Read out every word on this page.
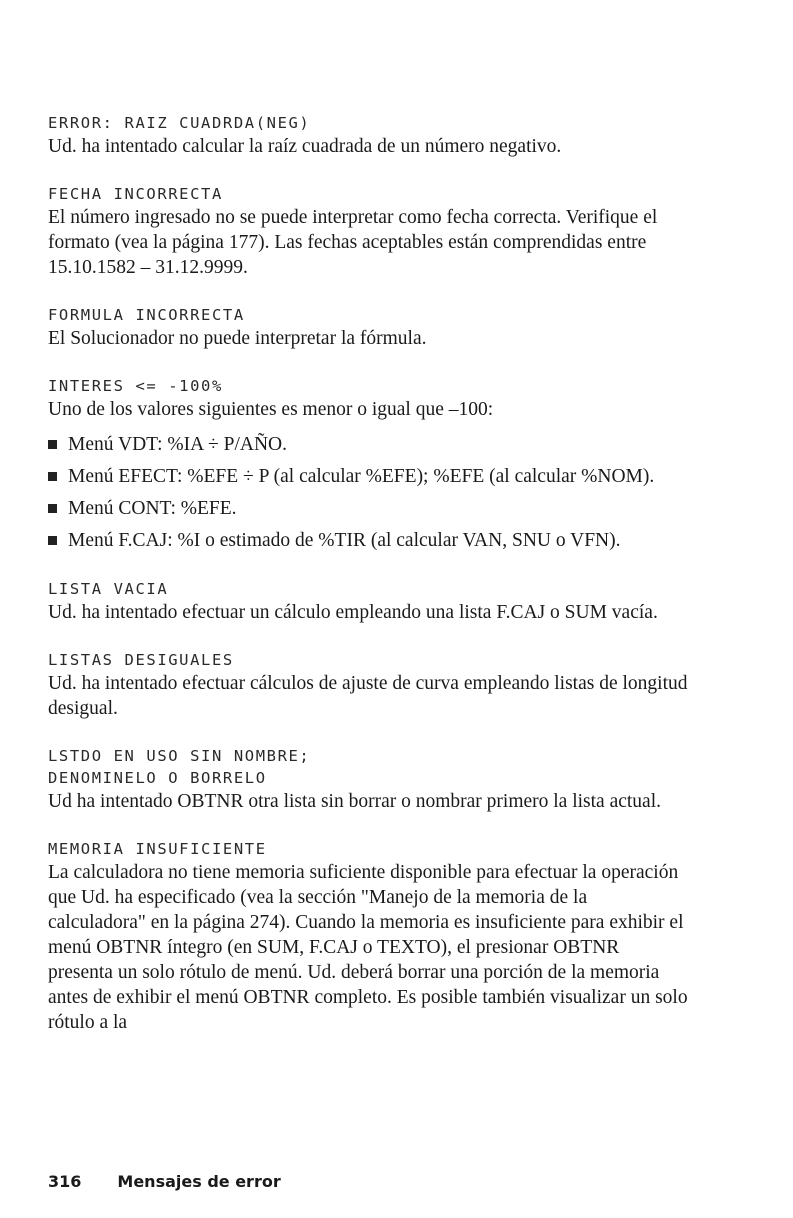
ERROR: RAIZ CUADRDA(NEG)

Ud. ha intentado calcular la raíz cuadrada de un número negativo.

FECHA INCORRECTA

El número ingresado no se puede interpretar como fecha correcta. Verifique el formato (vea la página 177). Las fechas aceptables están comprendidas entre 15.10.1582 – 31.12.9999.

FORMULA INCORRECTA

El Solucionador no puede interpretar la fórmula.

INTERES <= -100%

Uno de los valores siguientes es menor o igual que –100:

Menú VDT: %IA ÷ P/AÑO.
Menú EFECT: %EFE ÷ P (al calcular %EFE); %EFE (al calcular %NOM).
Menú CONT: %EFE.
Menú F.CAJ: %I o estimado de %TIR (al calcular VAN, SNU o VFN).

LISTA VACIA

Ud. ha intentado efectuar un cálculo empleando una lista F.CAJ o SUM vacía.

LISTAS DESIGUALES

Ud. ha intentado efectuar cálculos de ajuste de curva empleando listas de longitud desigual.

LSTDO EN USO SIN NOMBRE;
DENOMINELO O BORRELO

Ud ha intentado OBTNR otra lista sin borrar o nombrar primero la lista actual.

MEMORIA INSUFICIENTE

La calculadora no tiene memoria suficiente disponible para efectuar la operación que Ud. ha especificado (vea la sección "Manejo de la memoria de la calculadora" en la página 274). Cuando la memoria es insuficiente para exhibir el menú OBTNR íntegro (en SUM, F.CAJ o TEXTO), el presionar OBTNR presenta un solo rótulo de menú. Ud. deberá borrar una porción de la memoria antes de exhibir el menú OBTNR completo. Es posible también visualizar un solo rótulo a la

316 Mensajes de error
